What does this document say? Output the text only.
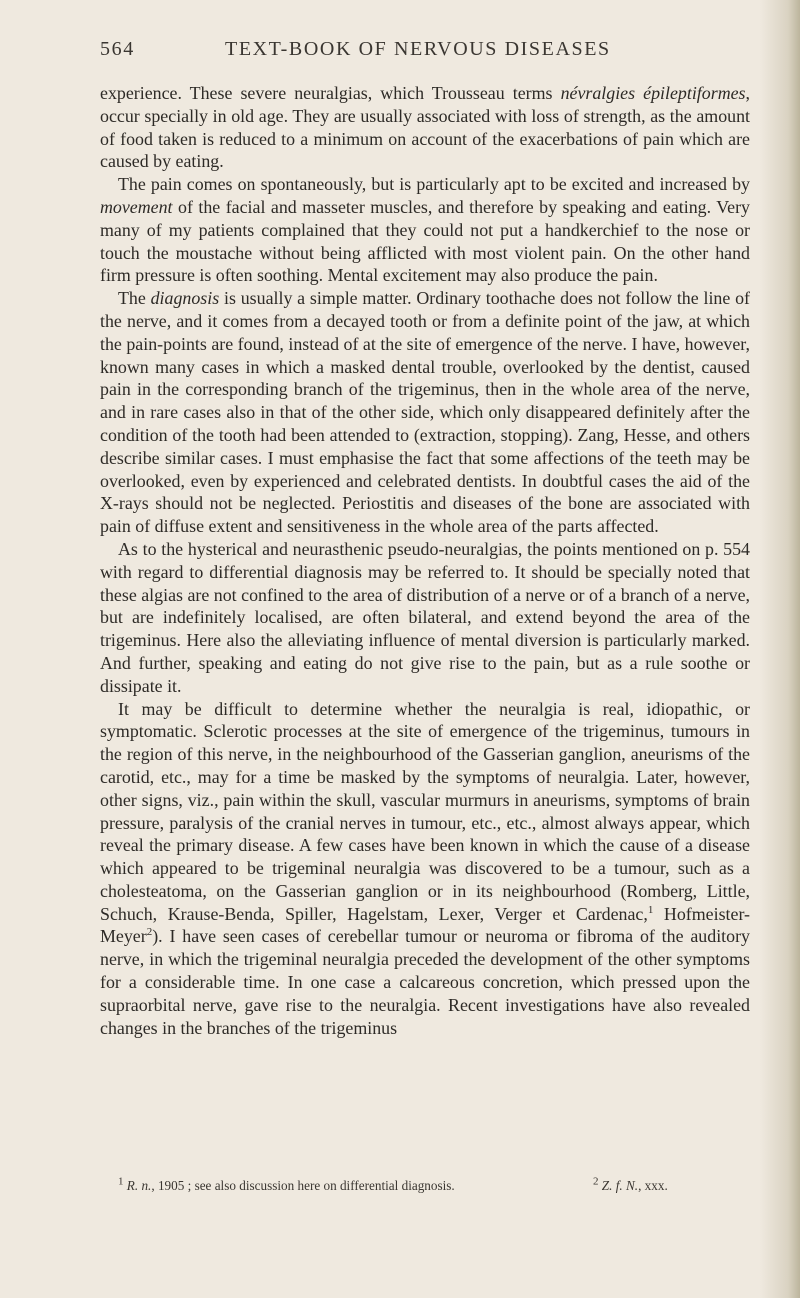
564	TEXT-BOOK OF NERVOUS DISEASES

experience. These severe neuralgias, which Trousseau terms névralgies épileptiformes, occur specially in old age. They are usually associated with loss of strength, as the amount of food taken is reduced to a minimum on account of the exacerbations of pain which are caused by eating.

The pain comes on spontaneously, but is particularly apt to be excited and increased by movement of the facial and masseter muscles, and therefore by speaking and eating. Very many of my patients complained that they could not put a handkerchief to the nose or touch the moustache without being afflicted with most violent pain. On the other hand firm pressure is often soothing. Mental excitement may also produce the pain.

The diagnosis is usually a simple matter. Ordinary toothache does not follow the line of the nerve, and it comes from a decayed tooth or from a definite point of the jaw, at which the pain-points are found, instead of at the site of emergence of the nerve. I have, however, known many cases in which a masked dental trouble, overlooked by the dentist, caused pain in the corresponding branch of the trigeminus, then in the whole area of the nerve, and in rare cases also in that of the other side, which only disappeared definitely after the condition of the tooth had been attended to (extraction, stopping). Zang, Hesse, and others describe similar cases. I must emphasise the fact that some affections of the teeth may be overlooked, even by experienced and celebrated dentists. In doubtful cases the aid of the X-rays should not be neglected. Periostitis and diseases of the bone are associated with pain of diffuse extent and sensitiveness in the whole area of the parts affected.

As to the hysterical and neurasthenic pseudo-neuralgias, the points mentioned on p. 554 with regard to differential diagnosis may be referred to. It should be specially noted that these algias are not confined to the area of distribution of a nerve or of a branch of a nerve, but are indefinitely localised, are often bilateral, and extend beyond the area of the trigeminus. Here also the alleviating influence of mental diversion is particularly marked. And further, speaking and eating do not give rise to the pain, but as a rule soothe or dissipate it.

It may be difficult to determine whether the neuralgia is real, idiopathic, or symptomatic. Sclerotic processes at the site of emergence of the trigeminus, tumours in the region of this nerve, in the neighbourhood of the Gasserian ganglion, aneurisms of the carotid, etc., may for a time be masked by the symptoms of neuralgia. Later, however, other signs, viz., pain within the skull, vascular murmurs in aneurisms, symptoms of brain pressure, paralysis of the cranial nerves in tumour, etc., etc., almost always appear, which reveal the primary disease. A few cases have been known in which the cause of a disease which appeared to be trigeminal neuralgia was discovered to be a tumour, such as a cholesteatoma, on the Gasserian ganglion or in its neighbourhood (Romberg, Little, Schuch, Krause-Benda, Spiller, Hagelstam, Lexer, Verger et Cardenac,$^1$ Hofmeister-Meyer$^2$). I have seen cases of cerebellar tumour or neuroma or fibroma of the auditory nerve, in which the trigeminal neuralgia preceded the development of the other symptoms for a considerable time. In one case a calcareous concretion, which pressed upon the supraorbital nerve, gave rise to the neuralgia. Recent investigations have also revealed changes in the branches of the trigeminus

$^1$ R. n., 1905 ; see also discussion here on differential diagnosis.	$^2$ Z. f. N., xxx.
